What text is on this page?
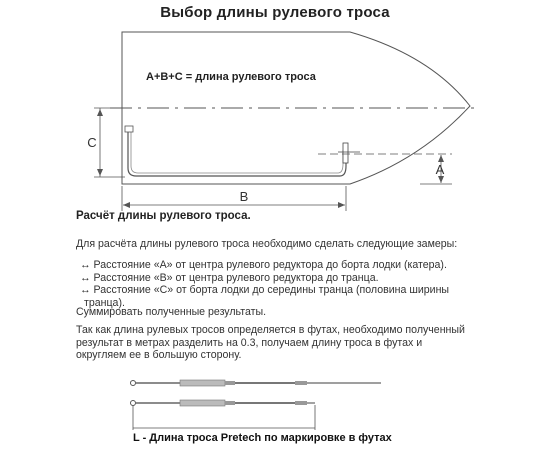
Выбор длины рулевого троса
C
A
B
A+B+C = длина рулевого троса
Расчёт длины рулевого троса.
Для расчёта длины рулевого троса необходимо сделать следующие замеры:
↔ Расстояние «А» от центра рулевого редуктора до борта лодки (катера).
↔ Расстояние «В» от центра рулевого редуктора до транца.
↔ Расстояние «С» от борта лодки до середины транца (половина ширины
транца).
Суммировать полученные результаты.
Так как длина рулевых тросов определяется в футах, необходимо полученный
результат в метрах разделить на 0.3, получаем длину троса в футах и
округляем ее в большую сторону.
L - Длина троса Pretech по маркировке в футах
